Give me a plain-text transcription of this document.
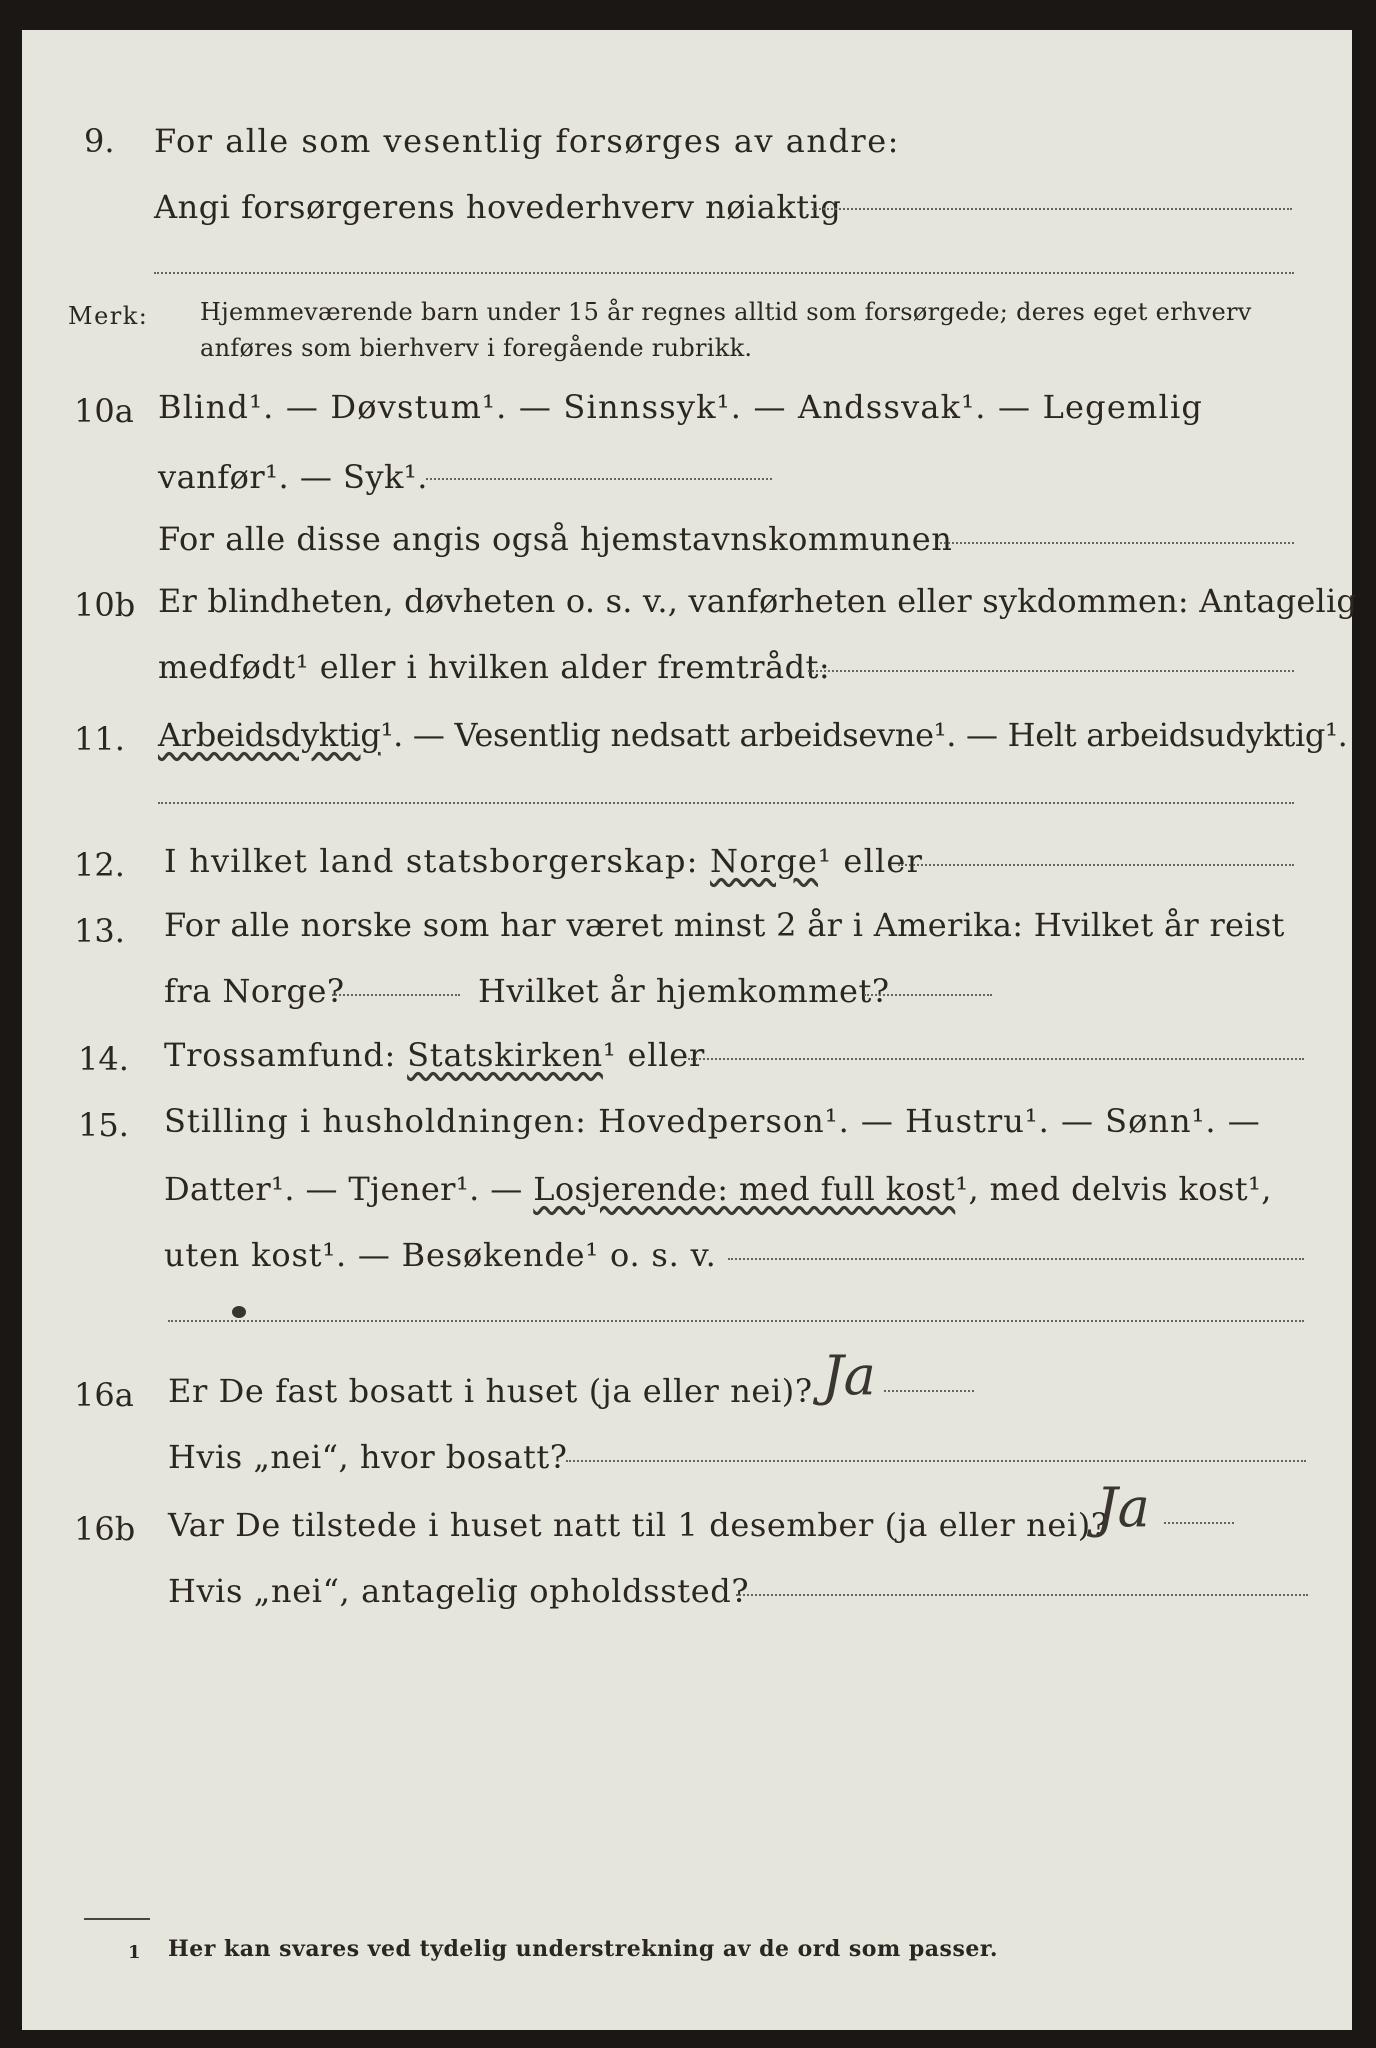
9. For alle som vesentlig forsørges av andre:
Angi forsørgerens hovederhverv nøiaktig
Merk: Hjemmeværende barn under 15 år regnes alltid som forsørgede; deres eget erhverv
anføres som bierhverv i foregående rubrikk.
10a Blind¹. — Døvstum¹. — Sinnssyk¹. — Andssvak¹. — Legemlig
vanfør¹. — Syk¹.
For alle disse angis også hjemstavnskommunen
10b Er blindheten, døvheten o. s. v., vanførheten eller sykdommen: Antagelig
medfødt¹ eller i hvilken alder fremtrådt:
11. Arbeidsdyktig¹. — Vesentlig nedsatt arbeidsevne¹. — Helt arbeidsudyktig¹.
12. I hvilket land statsborgerskap: Norge¹ eller
13. For alle norske som har været minst 2 år i Amerika: Hvilket år reist
fra Norge?	Hvilket år hjemkommet?
14. Trossamfund: Statskirken¹ eller
15. Stilling i husholdningen: Hovedperson¹. — Hustru¹. — Sønn¹. —
Datter¹. — Tjener¹. — Losjerende: med full kost¹, med delvis kost¹,
uten kost¹. — Besøkende¹ o. s. v.
16a Er De fast bosatt i huset (ja eller nei)? Ja
Hvis „nei“, hvor bosatt?
16b Var De tilstede i huset natt til 1 desember (ja eller nei)?
Ja
Hvis „nei“, antagelig opholdssted?
1 Her kan svares ved tydelig understrekning av de ord som passer.
